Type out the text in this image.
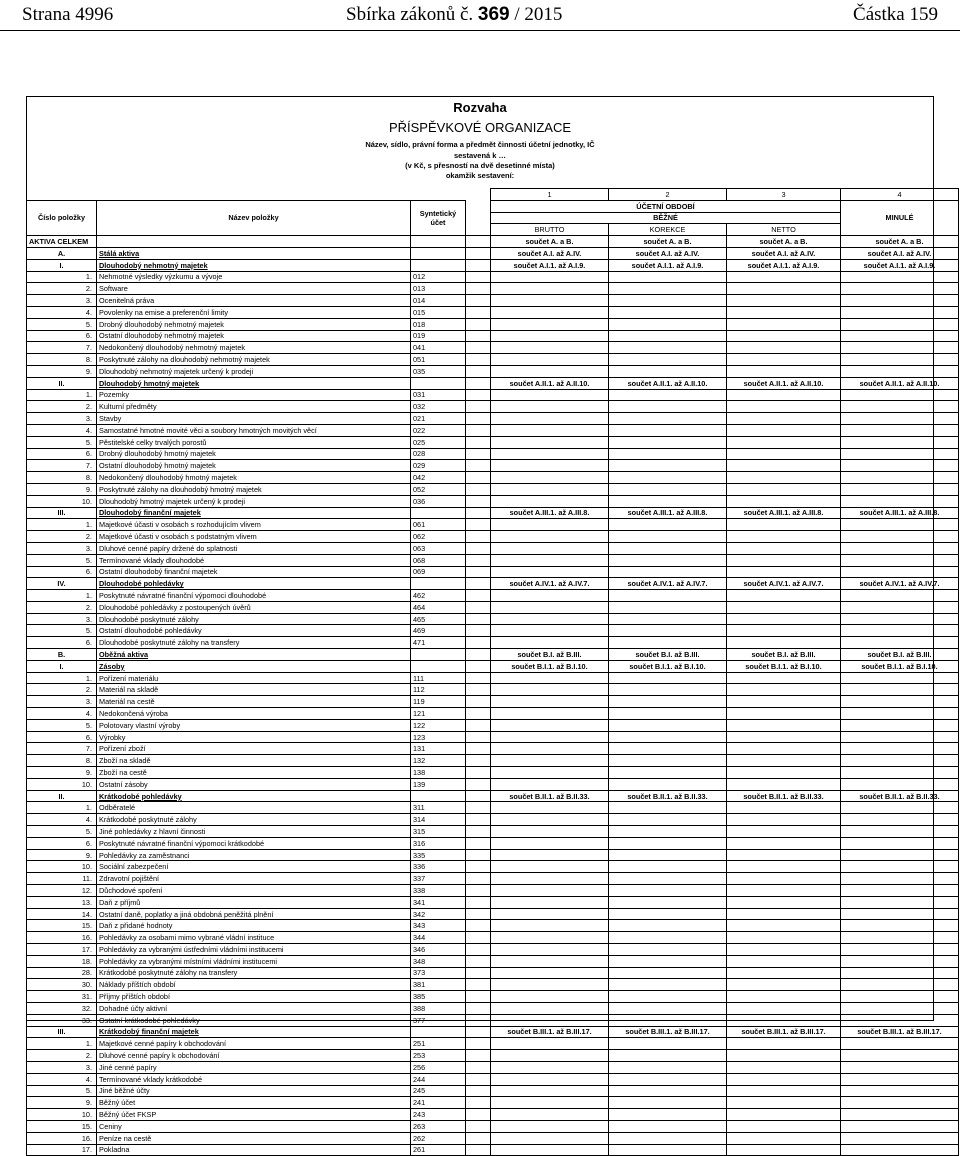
Strana 4996	Sbírka zákonů č. 369 / 2015	Částka 159
Rozvaha
PŘÍSPĚVKOVÉ ORGANIZACE
Název, sídlo, právní forma a předmět činnosti účetní jednotky, IČ
sestavená k …
(v Kč, s přesností na dvě desetinné místa)
okamžik sestavení:
				1	2	3	4
Číslo položky	Název položky	Syntetický účet		ÚČETNÍ OBDOBÍ			MINULÉ
				BĚŽNÉ			
				BRUTTO	KOREKCE	NETTO	
AKTIVA CELKEM				součet A. a B.	součet A. a B.	součet A. a B.	součet A. a B.
A.	Stálá aktiva			součet A.I. až A.IV.	součet A.I. až A.IV.	součet A.I. až A.IV.	součet A.I. až A.IV.
I.	Dlouhodobý nehmotný majetek			součet A.I.1. až A.I.9.	součet A.I.1. až A.I.9.	součet A.I.1. až A.I.9.	součet A.I.1. až A.I.9.
1.	Nehmotné výsledky výzkumu a vývoje	012					
2.	Software	013					
3.	Ocenitelná práva	014					
4.	Povolenky na emise a preferenční limity	015					
5.	Drobný dlouhodobý nehmotný majetek	018					
6.	Ostatní dlouhodobý nehmotný majetek	019					
7.	Nedokončený dlouhodobý nehmotný majetek	041					
8.	Poskytnuté zálohy na dlouhodobý nehmotný majetek	051					
9.	Dlouhodobý nehmotný majetek určený k prodeji	035					
II.	Dlouhodobý hmotný majetek			součet A.II.1. až A.II.10.	součet A.II.1. až A.II.10.	součet A.II.1. až A.II.10.	součet A.II.1. až A.II.10.
1.	Pozemky	031					
2.	Kulturní předměty	032					
3.	Stavby	021					
4.	Samostatné hmotné movité věci a soubory hmotných movitých věcí	022					
5.	Pěstitelské celky trvalých porostů	025					
6.	Drobný dlouhodobý hmotný majetek	028					
7.	Ostatní dlouhodobý hmotný majetek	029					
8.	Nedokončený dlouhodobý hmotný majetek	042					
9.	Poskytnuté zálohy na dlouhodobý hmotný majetek	052					
10.	Dlouhodobý hmotný majetek určený k prodeji	036					
III.	Dlouhodobý finanční majetek			součet A.III.1. až A.III.8.	součet A.III.1. až A.III.8.	součet A.III.1. až A.III.8.	součet A.III.1. až A.III.8.
1.	Majetkové účasti v osobách s rozhodujícím vlivem	061					
2.	Majetkové účasti v osobách s podstatným vlivem	062					
3.	Dluhové cenné papíry držené do splatnosti	063					
5.	Termínované vklady dlouhodobé	068					
6.	Ostatní dlouhodobý finanční majetek	069					
IV.	Dlouhodobé pohledávky			součet A.IV.1. až A.IV.7.	součet A.IV.1. až A.IV.7.	součet A.IV.1. až A.IV.7.	součet A.IV.1. až A.IV.7.
1.	Poskytnuté návratné finanční výpomoci dlouhodobé	462					
2.	Dlouhodobé pohledávky z postoupených úvěrů	464					
3.	Dlouhodobé poskytnuté zálohy	465					
5.	Ostatní dlouhodobé pohledávky	469					
6.	Dlouhodobé poskytnuté zálohy na transfery	471					
B.	Oběžná aktiva			součet B.I. až B.III.	součet B.I. až B.III.	součet B.I. až B.III.	součet B.I. až B.III.
I.	Zásoby			součet B.I.1. až B.I.10.	součet B.I.1. až B.I.10.	součet B.I.1. až B.I.10.	součet B.I.1. až B.I.10.
1.	Pořízení materiálu	111					
2.	Materiál na skladě	112					
3.	Materiál na cestě	119					
4.	Nedokončená výroba	121					
5.	Polotovary vlastní výroby	122					
6.	Výrobky	123					
7.	Pořízení zboží	131					
8.	Zboží na skladě	132					
9.	Zboží na cestě	138					
10.	Ostatní zásoby	139					
II.	Krátkodobé pohledávky			součet B.II.1. až B.II.33.	součet B.II.1. až B.II.33.	součet B.II.1. až B.II.33.	součet B.II.1. až B.II.33.
1.	Odběratelé	311					
4.	Krátkodobé poskytnuté zálohy	314					
5.	Jiné pohledávky z hlavní činnosti	315					
6.	Poskytnuté návratné finanční výpomoci krátkodobé	316					
9.	Pohledávky za zaměstnanci	335					
10.	Sociální zabezpečení	336					
11.	Zdravotní pojištění	337					
12.	Důchodové spoření	338					
13.	Daň z příjmů	341					
14.	Ostatní daně, poplatky a jiná obdobná peněžitá plnění	342					
15.	Daň z přidané hodnoty	343					
16.	Pohledávky za osobami mimo vybrané vládní instituce	344					
17.	Pohledávky za vybranými ústředními vládními institucemi	346					
18.	Pohledávky za vybranými místními vládními institucemi	348					
28.	Krátkodobé poskytnuté zálohy na transfery	373					
30.	Náklady příštích období	381					
31.	Příjmy příštích období	385					
32.	Dohadné účty aktivní	388					
33.	Ostatní krátkodobé pohledávky	377					
III.	Krátkodobý finanční majetek			součet B.III.1. až B.III.17.	součet B.III.1. až B.III.17.	součet B.III.1. až B.III.17.	součet B.III.1. až B.III.17.
1.	Majetkové cenné papíry k obchodování	251					
2.	Dluhové cenné papíry k obchodování	253					
3.	Jiné cenné papíry	256					
4.	Termínované vklady krátkodobé	244					
5.	Jiné běžné účty	245					
9.	Běžný účet	241					
10.	Běžný účet FKSP	243					
15.	Ceniny	263					
16.	Peníze na cestě	262					
17.	Pokladna	261					
